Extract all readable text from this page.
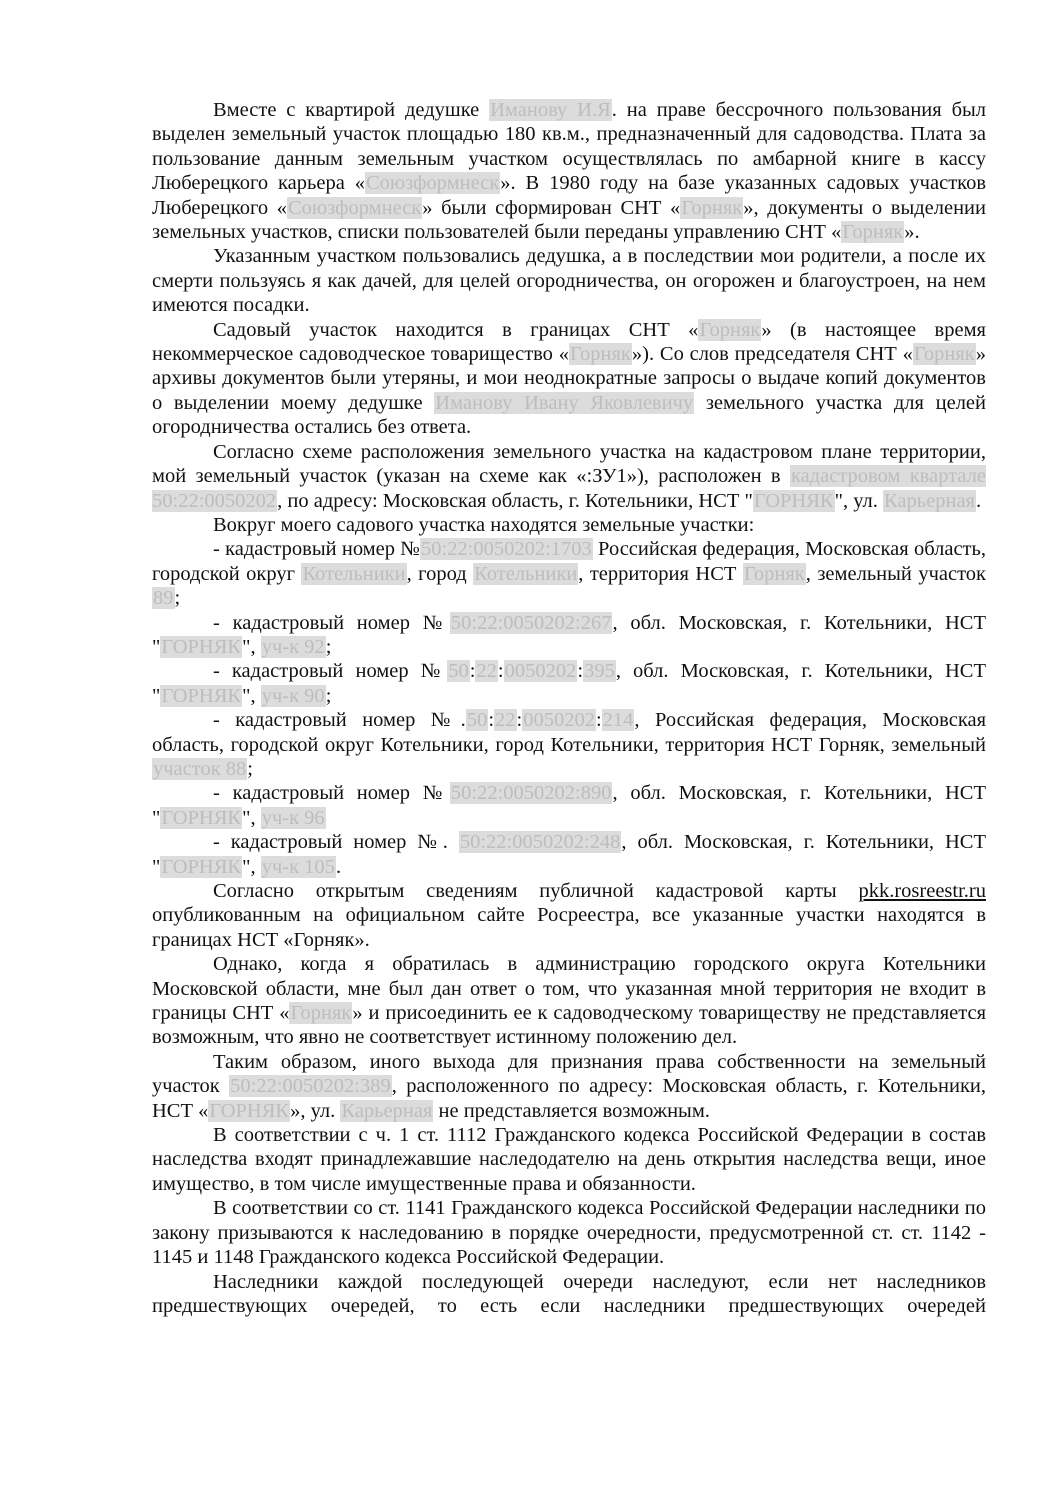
Вместе с квартирой дедушке Иманову И.Я. на праве бессрочного пользования был выделен земельный участок площадью 180 кв.м., предназначенный для садоводства. Плата за пользование данным земельным участком осуществлялась по амбарной книге в кассу Люберецкого карьера «Союзформнеск». В 1980 году на базе указанных садовых участков Люберецкого «Союзформнеск» были сформирован СНТ «Горняк», документы о выделении земельных участков, списки пользователей были переданы управлению СНТ «Горняк».

Указанным участком пользовались дедушка, а в последствии мои родители, а после их смерти пользуясь я как дачей, для целей огородничества, он огорожен и благоустроен, на нем имеются посадки.

Садовый участок находится в границах СНТ «Горняк» (в настоящее время некоммерческое садоводческое товарищество «Горняк»). Со слов председателя СНТ «Горняк» архивы документов были утеряны, и мои неоднократные запросы о выдаче копий документов о выделении моему дедушке Иманову Ивану Яковлевичу земельного участка для целей огородничества остались без ответа.

Согласно схеме расположения земельного участка на кадастровом плане территории, мой земельный участок (указан на схеме как «:ЗУ1»), расположен в кадастровом квартале 50:22:0050202, по адресу: Московская область, г. Котельники, НСТ "ГОРНЯК", ул. Карьерная.

Вокруг моего садового участка находятся земельные участки:

- кадастровый номер №50:22:0050202:1703 Российская федерация, Московская область, городской округ Котельники, город Котельники, территория НСТ Горняк, земельный участок 89;

- кадастровый номер №50:22:0050202:267, обл. Московская, г. Котельники, НСТ "ГОРНЯК", уч-к 92;

- кадастровый номер №50:22:0050202:395, обл. Московская, г. Котельники, НСТ "ГОРНЯК", уч-к 90;

- кадастровый номер №.50:22:0050202:214, Российская федерация, Московская область, городской округ Котельники, город Котельники, территория НСТ Горняк, земельный участок 88;

- кадастровый номер №50:22:0050202:890, обл. Московская, г. Котельники, НСТ "ГОРНЯК", уч-к 96

- кадастровый номер №. 50:22:0050202:248, обл. Московская, г. Котельники, НСТ "ГОРНЯК", уч-к 105.

Согласно открытым сведениям публичной кадастровой карты pkk.rosreestr.ru опубликованным на официальном сайте Росреестра, все указанные участки находятся в границах НСТ «Горняк».

Однако, когда я обратилась в администрацию городского округа Котельники Московской области, мне был дан ответ о том, что указанная мной территория не входит в границы СНТ «Горняк» и присоединить ее к садоводческому товариществу не представляется возможным, что явно не соответствует истинному положению дел.

Таким образом, иного выхода для признания права собственности на земельный участок 50:22:0050202:389, расположенного по адресу: Московская область, г. Котельники, НСТ «ГОРНЯК», ул. Карьерная не представляется возможным.

В соответствии с ч. 1 ст. 1112 Гражданского кодекса Российской Федерации в состав наследства входят принадлежавшие наследодателю на день открытия наследства вещи, иное имущество, в том числе имущественные права и обязанности.

В соответствии со ст. 1141 Гражданского кодекса Российской Федерации наследники по закону призываются к наследованию в порядке очередности, предусмотренной ст. ст. 1142 - 1145 и 1148 Гражданского кодекса Российской Федерации.

Наследники каждой последующей очереди наследуют, если нет наследников предшествующих очередей, то есть если наследники предшествующих очередей
